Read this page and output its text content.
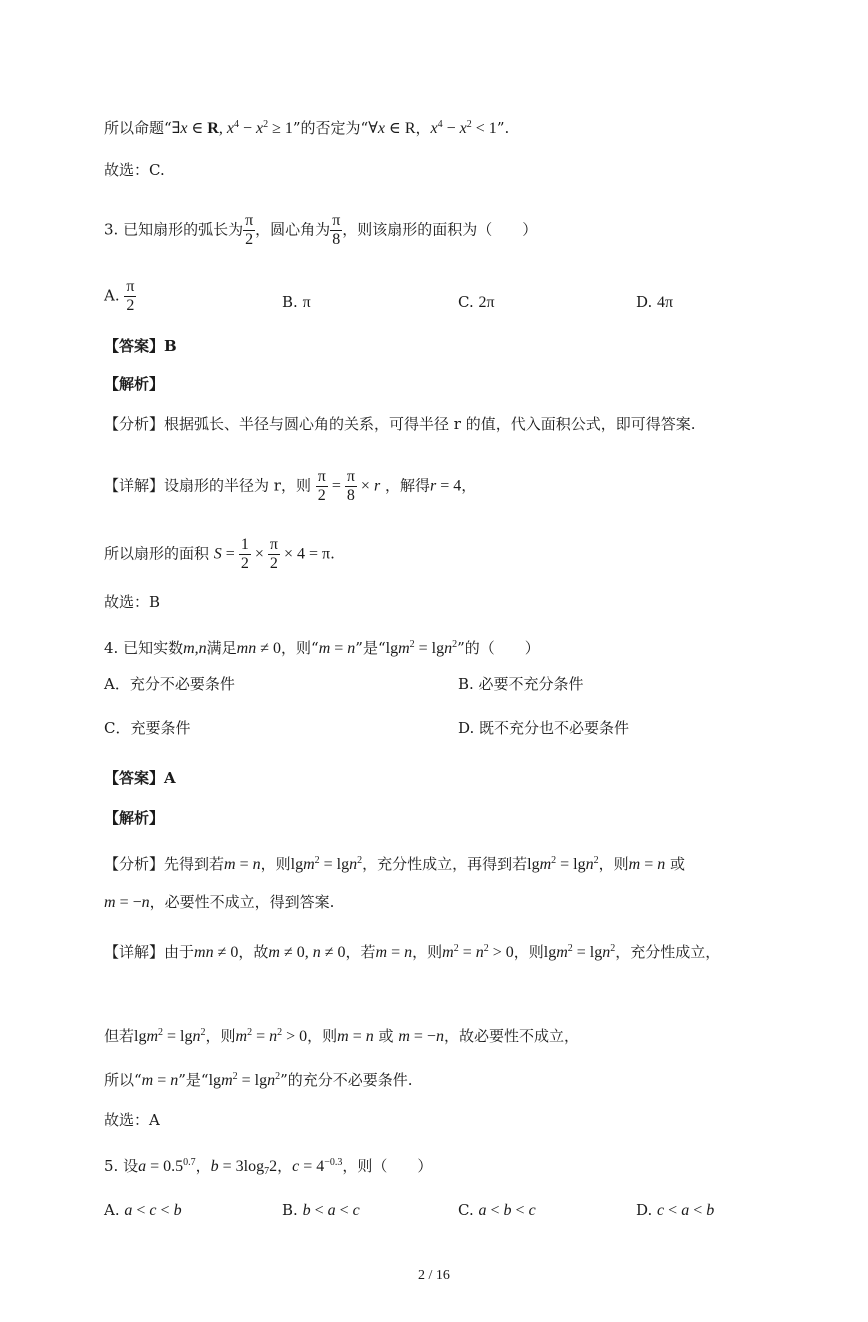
所以命题“∃x ∈ R, $x^4 - x^2 \ge 1$”的否定为“∀x ∈ R，$x^4 - x^2 < 1$”.
故选：C.
3. 已知扇形的弧长为 $\frac{\pi}{2}$ ，圆心角为 $\frac{\pi}{8}$ ，则该扇形的面积为（　　）
A. $\frac{\pi}{2}$	B. π	C. 2π	D. 4π
【答案】B
【解析】
【分析】根据弧长、半径与圆心角的关系，可得半径 r 的值，代入面积公式，即可得答案.
【详解】设扇形的半径为 r，则 $\frac{\pi}{2} = \frac{\pi}{8} \times r$ ，解得r = 4，
所以扇形的面积 $S = \frac{1}{2} \times \frac{\pi}{2} \times 4 = \pi$.
故选：B
4. 已知实数m,n满足mn ≠ 0，则“m = n”是“lgm$^2$ = lgn$^2$”的（　　）
A．充分不必要条件	B. 必要不充分条件
C．充要条件	D. 既不充分也不必要条件
【答案】A
【解析】
【分析】先得到若m = n，则lgm$^2$ = lgn$^2$，充分性成立，再得到若lgm$^2$ = lgn$^2$，则m = n 或
m = −n，必要性不成立，得到答案.
【详解】由于mn ≠ 0，故m ≠ 0, n ≠ 0，若m = n，则$m^2 = n^2 > 0$，则lgm$^2$ = lgn$^2$，充分性成立，
但若lgm$^2$ = lgn$^2$，则$m^2 = n^2 > 0$，则m = n 或 m = −n，故必要性不成立，
所以“m = n”是“lgm$^2$ = lgn$^2$”的充分不必要条件.
故选：A
5. 设$a = 0.5^{0.7}$，$b = 3\log_72$，$c = 4^{-0.3}$，则（　　）
A. a < c < b	B. b < a < c	C. a < b < c	D. c < a < b
2 / 16
